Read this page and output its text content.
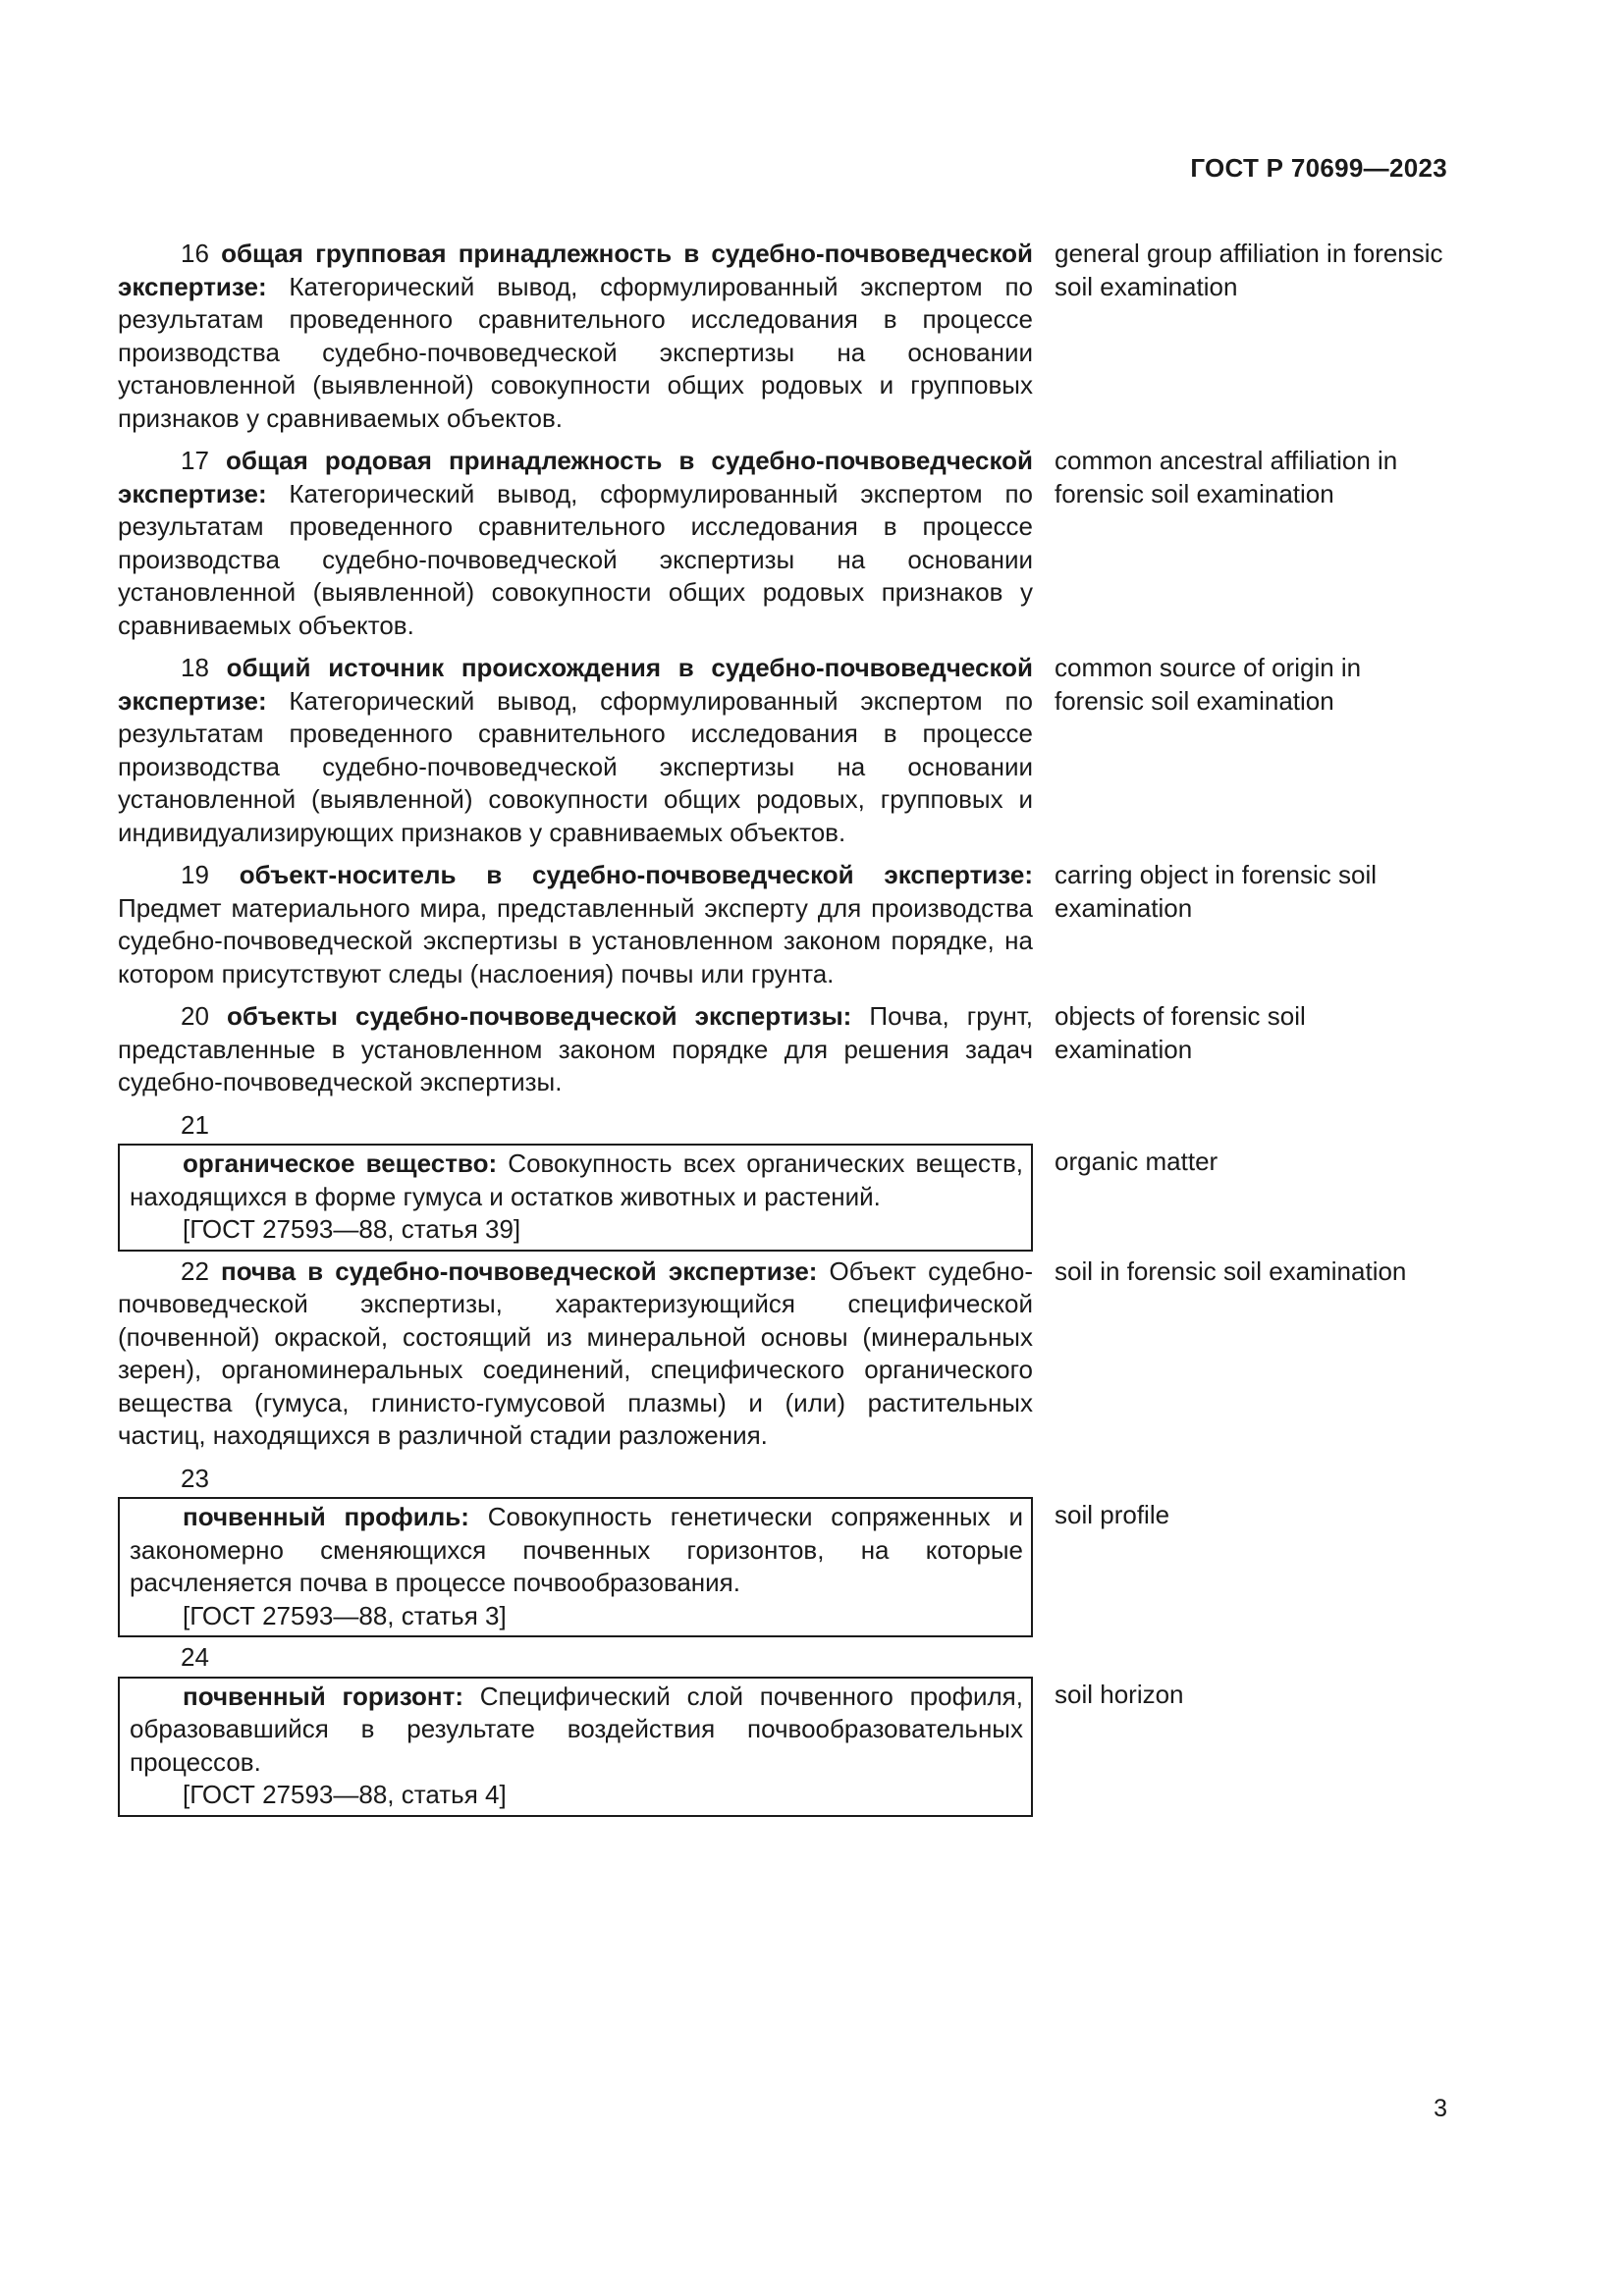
ГОСТ Р 70699—2023
16 общая групповая принадлежность в судебно-почвоведческой экспертизе: Категорический вывод, сформулированный экспертом по результатам проведенного сравнительного исследования в процессе производства судебно-почвоведческой экспертизы на основании установленной (выявленной) совокупности общих родовых и групповых признаков у сравниваемых объектов.
general group affiliation in forensic soil examination
17 общая родовая принадлежность в судебно-почвоведческой экспертизе: Категорический вывод, сформулированный экспертом по результатам проведенного сравнительного исследования в процессе производства судебно-почвоведческой экспертизы на основании установленной (выявленной) совокупности общих родовых признаков у сравниваемых объектов.
common ancestral affiliation in forensic soil examination
18 общий источник происхождения в судебно-почвоведческой экспертизе: Категорический вывод, сформулированный экспертом по результатам проведенного сравнительного исследования в процессе производства судебно-почвоведческой экспертизы на основании установленной (выявленной) совокупности общих родовых, групповых и индивидуализирующих признаков у сравниваемых объектов.
common source of origin in forensic soil examination
19 объект-носитель в судебно-почвоведческой экспертизе: Предмет материального мира, представленный эксперту для производства судебно-почвоведческой экспертизы в установленном законом порядке, на котором присутствуют следы (наслоения) почвы или грунта.
carring object in forensic soil examination
20 объекты судебно-почвоведческой экспертизы: Почва, грунт, представленные в установленном законом порядке для решения задач судебно-почвоведческой экспертизы.
objects of forensic soil examination
21
органическое вещество: Совокупность всех органических веществ, находящихся в форме гумуса и остатков животных и растений.
[ГОСТ 27593—88, статья 39]
organic matter
22 почва в судебно-почвоведческой экспертизе: Объект судебно-почвоведческой экспертизы, характеризующийся специфической (почвенной) окраской, состоящий из минеральной основы (минеральных зерен), органоминеральных соединений, специфического органического вещества (гумуса, глинисто-гумусовой плазмы) и (или) растительных частиц, находящихся в различной стадии разложения.
soil in forensic soil examination
23
почвенный профиль: Совокупность генетически сопряженных и закономерно сменяющихся почвенных горизонтов, на которые расчленяется почва в процессе почвообразования.
[ГОСТ 27593—88, статья 3]
soil profile
24
почвенный горизонт: Специфический слой почвенного профиля, образовавшийся в результате воздействия почвообразовательных процессов.
[ГОСТ 27593—88, статья 4]
soil horizon
3
